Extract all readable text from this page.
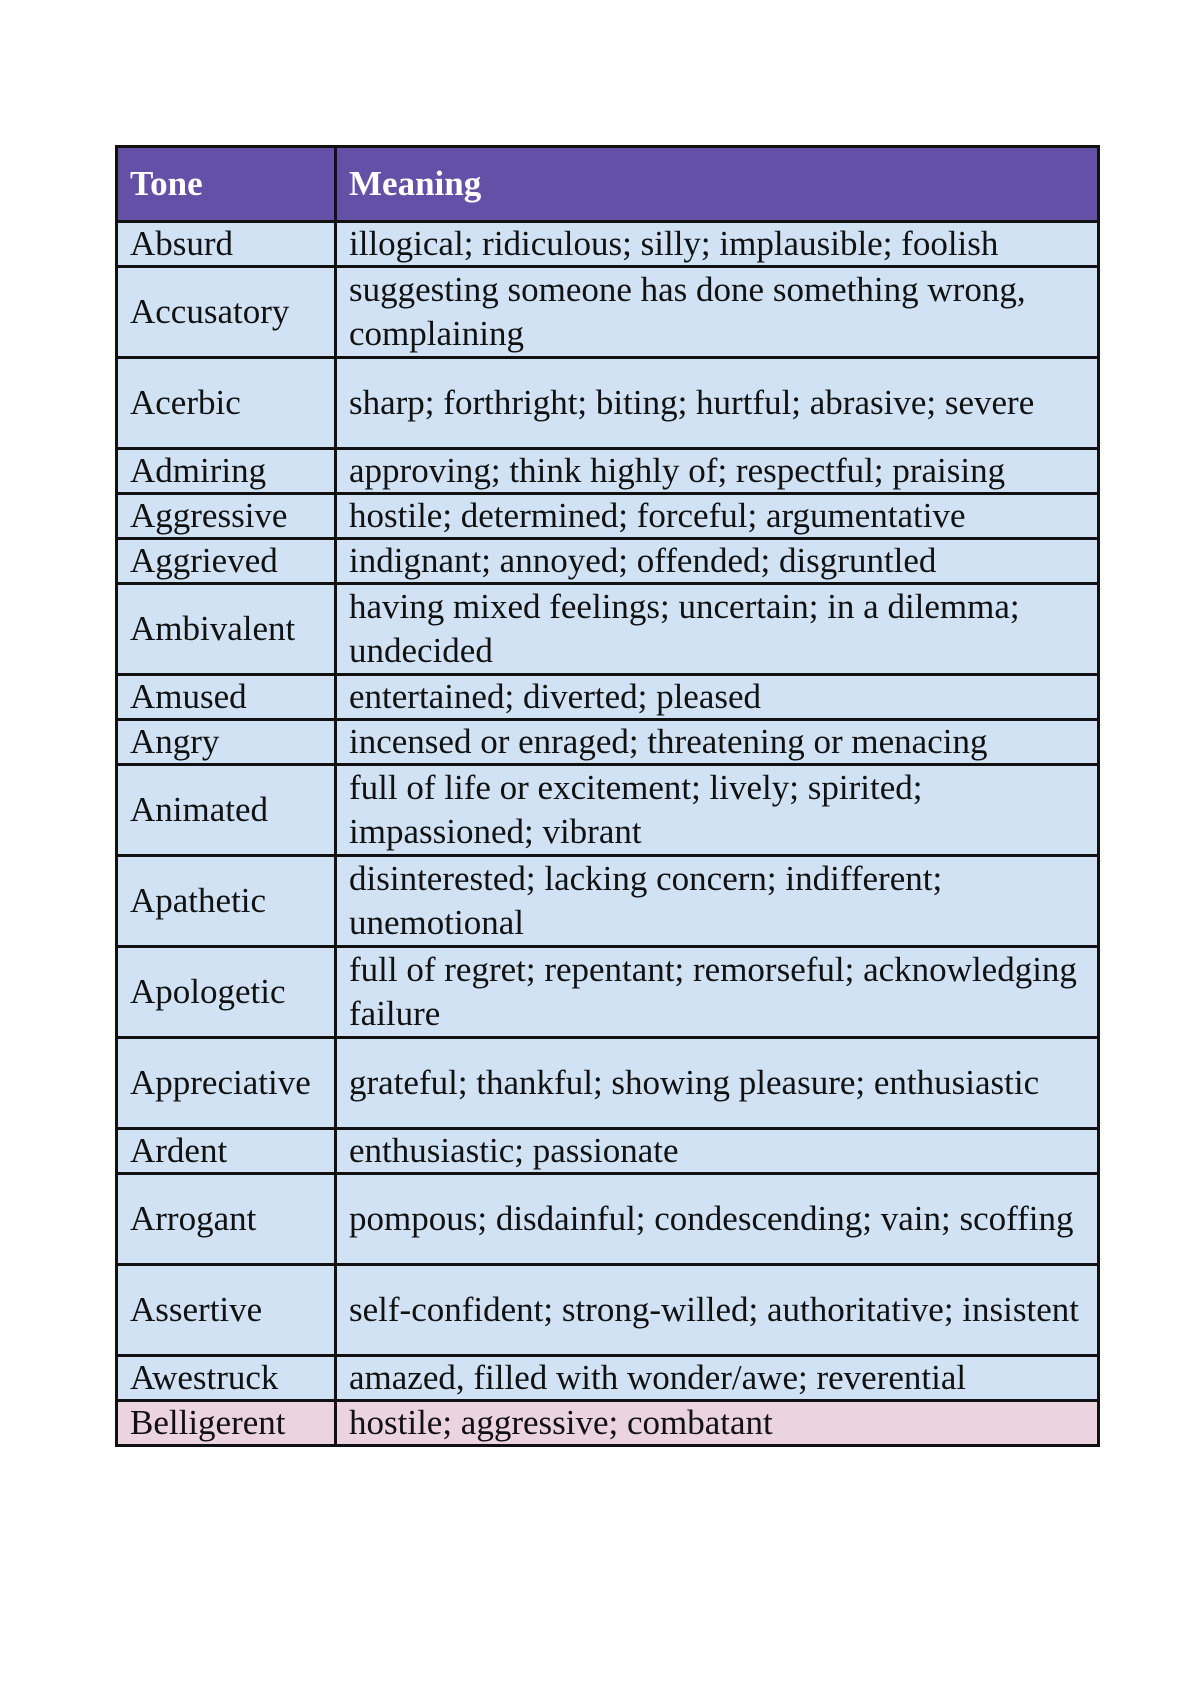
Tone	Meaning
Absurd	illogical; ridiculous; silly; implausible; foolish
Accusatory	suggesting someone has done something wrong, complaining
Acerbic	sharp; forthright; biting; hurtful; abrasive; severe
Admiring	approving; think highly of; respectful; praising
Aggressive	hostile; determined; forceful; argumentative
Aggrieved	indignant; annoyed; offended; disgruntled
Ambivalent	having mixed feelings; uncertain; in a dilemma; undecided
Amused	entertained; diverted; pleased
Angry	incensed or enraged; threatening or menacing
Animated	full of life or excitement; lively; spirited; impassioned; vibrant
Apathetic	disinterested; lacking concern; indifferent; unemotional
Apologetic	full of regret; repentant; remorseful; acknowledging failure
Appreciative	grateful; thankful; showing pleasure; enthusiastic
Ardent	enthusiastic; passionate
Arrogant	pompous; disdainful; condescending; vain; scoffing
Assertive	self-confident; strong-willed; authoritative; insistent
Awestruck	amazed, filled with wonder/awe; reverential
Belligerent	hostile; aggressive; combatant
